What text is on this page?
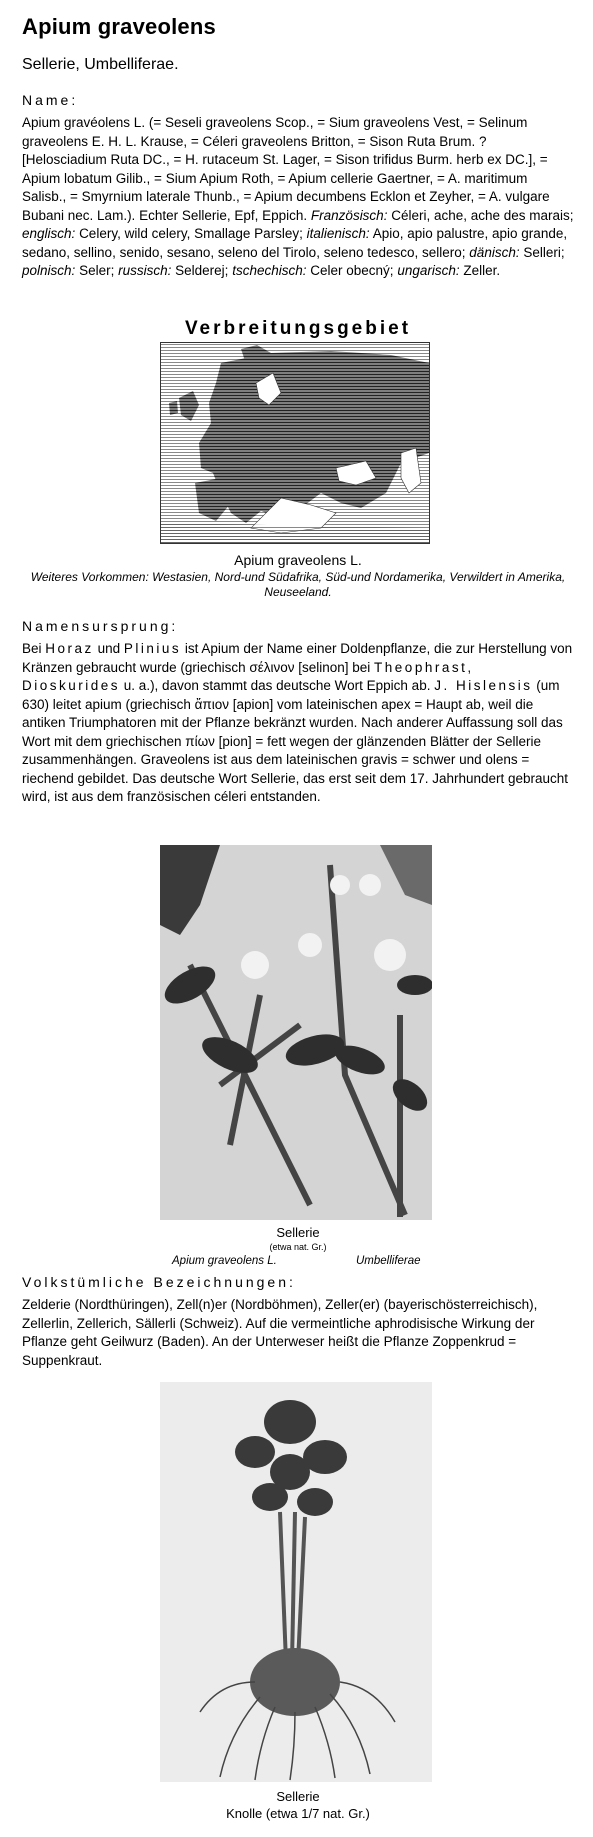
Apium graveolens
Sellerie, Umbelliferae.
Name:
Apium gravéolens L. (= Seseli graveolens Scop., = Sium graveolens Vest, = Selinum graveolens E. H. L. Krause, = Céleri graveolens Britton, = Sison Ruta Brum. ? [Helosciadium Ruta DC., = H. rutaceum St. Lager, = Sison trifidus Burm. herb ex DC.], = Apium lobatum Gilib., = Sium Apium Roth, = Apium cellerie Gaertner, = A. maritimum Salisb., = Smyrnium laterale Thunb., = Apium decumbens Ecklon et Zeyher, = A. vulgare Bubani nec. Lam.). Echter Sellerie, Epf, Eppich. Französisch: Céleri, ache, ache des marais; englisch: Celery, wild celery, Smallage Parsley; italienisch: Apio, apio palustre, apio grande, sedano, sellino, senido, sesano, seleno del Tirolo, seleno tedesco, sellero; dänisch: Selleri; polnisch: Seler; russisch: Selderej; tschechisch: Celer obecný; ungarisch: Zeller.
Verbreitungsgebiet
Apium graveolens L.
Weiteres Vorkommen: Westasien, Nord-und Südafrika, Süd-und Nordamerika, Verwildert in Amerika, Neuseeland.
Namensursprung:
Bei Horaz und Plinius ist Apium der Name einer Doldenpflanze, die zur Herstellung von Kränzen gebraucht wurde (griechisch σέλινον [selinon] bei Theophrast, Dioskurides u. a.), davon stammt das deutsche Wort Eppich ab. J. Hislensis (um 630) leitet apium (griechisch ἄπιον [apion] vom lateinischen apex = Haupt ab, weil die antiken Triumphatoren mit der Pflanze bekränzt wurden. Nach anderer Auffassung soll das Wort mit dem griechischen πίων [pion] = fett wegen der glänzenden Blätter der Sellerie zusammenhängen. Graveolens ist aus dem lateinischen gravis = schwer und olens = riechend gebildet. Das deutsche Wort Sellerie, das erst seit dem 17. Jahrhundert gebraucht wird, ist aus dem französischen céleri entstanden.
Sellerie
(etwa nat. Gr.)
Apium graveolens L.	Umbelliferae
Volkstümliche Bezeichnungen:
Zelderie (Nordthüringen), Zell(n)er (Nordböhmen), Zeller(er) (bayerischösterreichisch), Zellerlin, Zellerich, Sällerli (Schweiz). Auf die vermeintliche aphrodisische Wirkung der Pflanze geht Geilwurz (Baden). An der Unterweser heißt die Pflanze Zoppenkrud = Suppenkraut.
Sellerie
Knolle (etwa 1/7 nat. Gr.)
